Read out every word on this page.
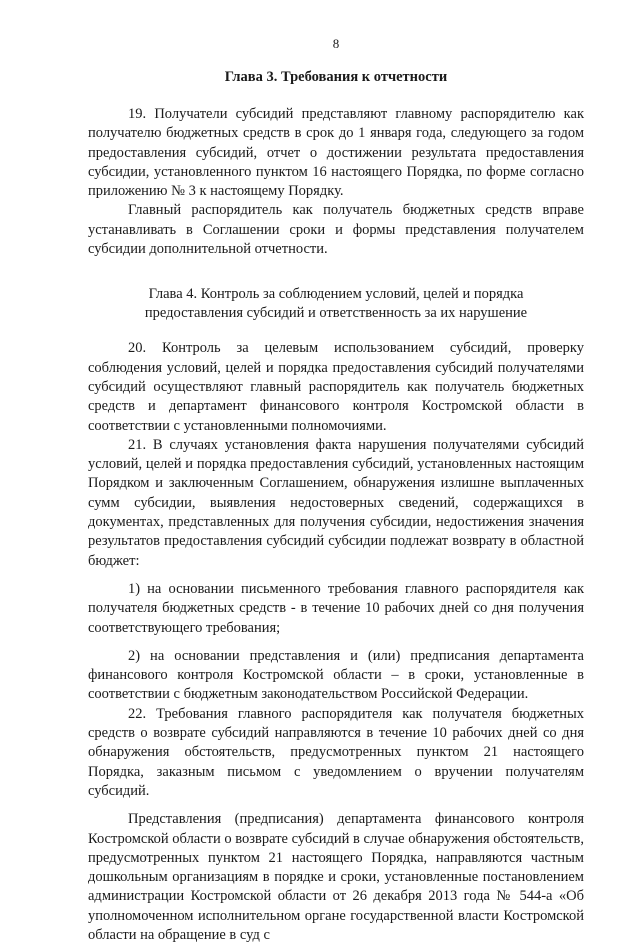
8
Глава 3. Требования к отчетности

19. Получатели субсидий представляют главному распорядителю как получателю бюджетных средств в срок до 1 января года, следующего за годом предоставления субсидий, отчет о достижении результата предоставления субсидии, установленного пунктом 16 настоящего Порядка, по форме согласно приложению № 3 к настоящему Порядку.

Главный распорядитель как получатель бюджетных средств вправе устанавливать в Соглашении сроки и формы представления получателем субсидии дополнительной отчетности.

Глава 4. Контроль за соблюдением условий, целей и порядка
предоставления субсидий и ответственность за их нарушение

20. Контроль за целевым использованием субсидий, проверку соблюдения условий, целей и порядка предоставления субсидий получателями субсидий осуществляют главный распорядитель как получатель бюджетных средств и департамент финансового контроля Костромской области в соответствии с установленными полномочиями.

21. В случаях установления факта нарушения получателями субсидий условий, целей и порядка предоставления субсидий, установленных настоящим Порядком и заключенным Соглашением, обнаружения излишне выплаченных сумм субсидии, выявления недостоверных сведений, содержащихся в документах, представленных для получения субсидии, недостижения значения результатов предоставления субсидий субсидии подлежат возврату в областной бюджет:

1) на основании письменного требования главного распорядителя как получателя бюджетных средств - в течение 10 рабочих дней со дня получения соответствующего требования;

2) на основании представления и (или) предписания департамента финансового контроля Костромской области – в сроки, установленные в соответствии с бюджетным законодательством Российской Федерации.

22. Требования главного распорядителя как получателя бюджетных средств о возврате субсидий направляются в течение 10 рабочих дней со дня обнаружения обстоятельств, предусмотренных пунктом 21 настоящего Порядка, заказным письмом с уведомлением о вручении получателям субсидий.

Представления (предписания) департамента финансового контроля Костромской области о возврате субсидий в случае обнаружения обстоятельств, предусмотренных пунктом 21 настоящего Порядка, направляются частным дошкольным организациям в порядке и сроки, установленные постановлением администрации Костромской области от 26 декабря 2013 года № 544-а «Об уполномоченном исполнительном органе государственной власти Костромской области на обращение в суд с
